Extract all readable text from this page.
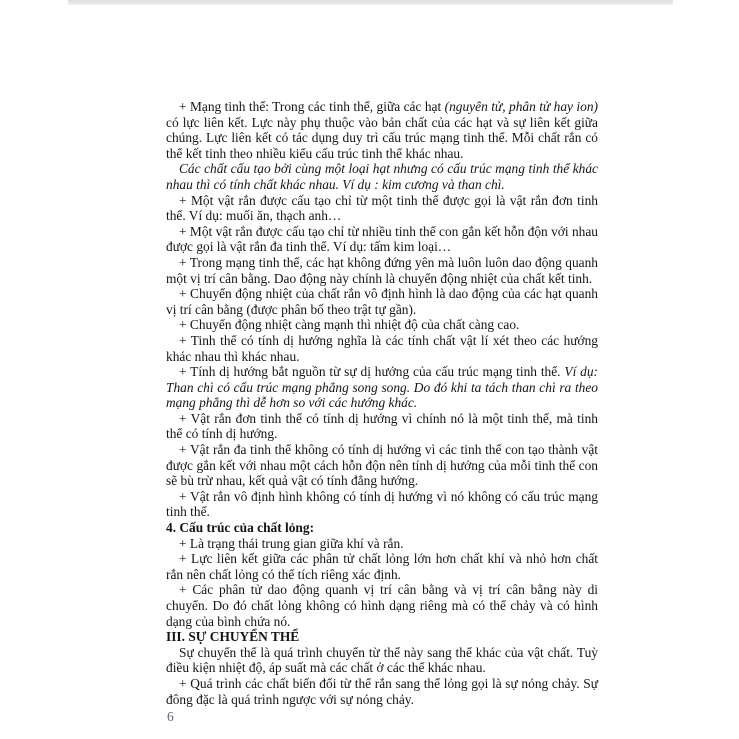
+ Mạng tinh thể: Trong các tinh thể, giữa các hạt (nguyên tử, phân tử hay ion) có lực liên kết. Lực này phụ thuộc vào bản chất của các hạt và sự liên kết giữa chúng. Lực liên kết có tác dụng duy trì cấu trúc mạng tinh thể. Mỗi chất rắn có thể kết tinh theo nhiều kiểu cấu trúc tinh thể khác nhau.

Các chất cấu tạo bởi cùng một loại hạt nhưng có cấu trúc mạng tinh thể khác nhau thì có tính chất khác nhau. Ví dụ : kim cương và than chì.

+ Một vật rắn được cấu tạo chỉ từ một tinh thể được gọi là vật rắn đơn tinh thể. Ví dụ: muối ăn, thạch anh…

+ Một vật rắn được cấu tạo chỉ từ nhiều tinh thể con gắn kết hỗn độn với nhau được gọi là vật rắn đa tinh thể. Ví dụ: tấm kim loại…

+ Trong mạng tinh thể, các hạt không đứng yên mà luôn luôn dao động quanh một vị trí cân bằng. Dao động này chính là chuyển động nhiệt của chất kết tinh.

+ Chuyển động nhiệt của chất rắn vô định hình là dao động của các hạt quanh vị trí cân bằng (được phân bố theo trật tự gần).

+ Chuyển động nhiệt càng mạnh thì nhiệt độ của chất càng cao.

+ Tinh thể có tính dị hướng nghĩa là các tính chất vật lí xét theo các hướng khác nhau thì khác nhau.

+ Tính dị hướng bắt nguồn từ sự dị hướng của cấu trúc mạng tinh thể. Ví dụ: Than chì có cấu trúc mạng phẳng song song. Do đó khi ta tách than chì ra theo mạng phẳng thì dễ hơn so với các hướng khác.

+ Vật rắn đơn tinh thể có tính dị hướng vì chính nó là một tinh thể, mà tinh thể có tính dị hướng.

+ Vật rắn đa tinh thể không có tính dị hướng vì các tinh thể con tạo thành vật được gắn kết với nhau một cách hỗn độn nên tính dị hướng của mỗi tinh thể con sẽ bù trừ nhau, kết quả vật có tính đẳng hướng.

+ Vật rắn vô định hình không có tính dị hướng vì nó không có cấu trúc mạng tinh thể.

4. Cấu trúc của chất lỏng:

+ Là trạng thái trung gian giữa khí và rắn.

+ Lực liên kết giữa các phân tử chất lỏng lớn hơn chất khí và nhỏ hơn chất rắn nên chất lỏng có thể tích riêng xác định.

+ Các phân tử dao động quanh vị trí cân bằng và vị trí cân bằng này di chuyển. Do đó chất lỏng không có hình dạng riêng mà có thể chảy và có hình dạng của bình chứa nó.

III. SỰ CHUYỂN THỂ

Sự chuyển thể là quá trình chuyển từ thể này sang thể khác của vật chất. Tuỳ điều kiện nhiệt độ, áp suất mà các chất ở các thể khác nhau.

+ Quá trình các chất biến đổi từ thể rắn sang thể lỏng gọi là sự nóng chảy. Sự đông đặc là quá trình ngược với sự nóng chảy.

6
